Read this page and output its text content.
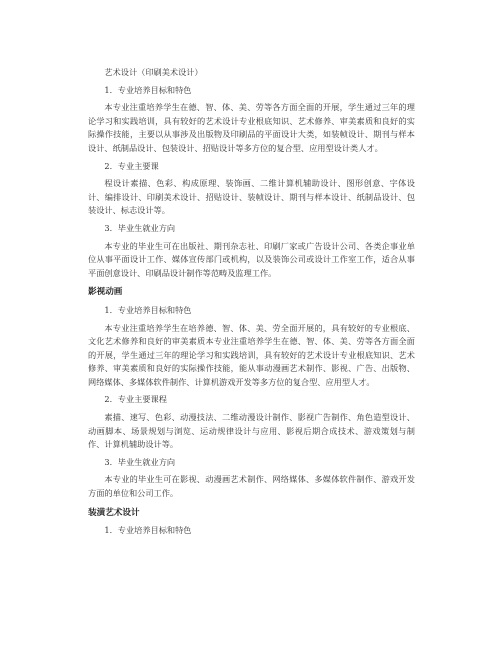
艺术设计（印刷美术设计）

1．专业培养目标和特色

本专业注重培养学生在德、智、体、美、劳等各方面全面的开展，学生通过三年的理论学习和实践培训，具有较好的艺术设计专业根底知识、艺术修养、审美素质和良好的实际操作技能，主要以从事涉及出版物及印刷品的平面设计大类，如装帧设计、期刊与样本设计、纸制品设计、包装设计、招贴设计等多方位的复合型、应用型设计类人才。

2．专业主要课

程设计素描、色彩、构成原理、装饰画、二维计算机辅助设计、图形创意、字体设计、编排设计、印刷美术设计、招贴设计、装帧设计、期刊与样本设计、纸制品设计、包装设计、标志设计等。

3．毕业生就业方向

本专业的毕业生可在出版社、期刊杂志社、印刷厂家或广告设计公司、各类企事业单位从事平面设计工作、媒体宣传部门或机构，以及装饰公司或设计工作室工作，适合从事平面创意设计、印刷品设计制作等范畴及监理工作。

影视动画

1．专业培养目标和特色

本专业注重培养学生在培养德、智、体、美、劳全面开展的，具有较好的专业根底、文化艺术修养和良好的审美素质本专业注重培养学生在德、智、体、美、劳等各方面全面的开展，学生通过三年的理论学习和实践培训，具有较好的艺术设计专业根底知识、艺术修养、审美素质和良好的实际操作技能，能从事动漫画艺术制作、影视、广告、出版物、网络媒体、多媒体软件制作、计算机游戏开发等多方位的复合型、应用型人才。

2．专业主要课程

素描、速写、色彩、动漫技法、二维动漫设计制作、影视广告制作、角色造型设计、动画脚本、场景规划与浏览、运动规律设计与应用、影视后期合成技术、游戏策划与制作、计算机辅助设计等。

3．毕业生就业方向

本专业的毕业生可在影视、动漫画艺术制作、网络媒体、多媒体软件制作、游戏开发方面的单位和公司工作。

装潢艺术设计

1．专业培养目标和特色
